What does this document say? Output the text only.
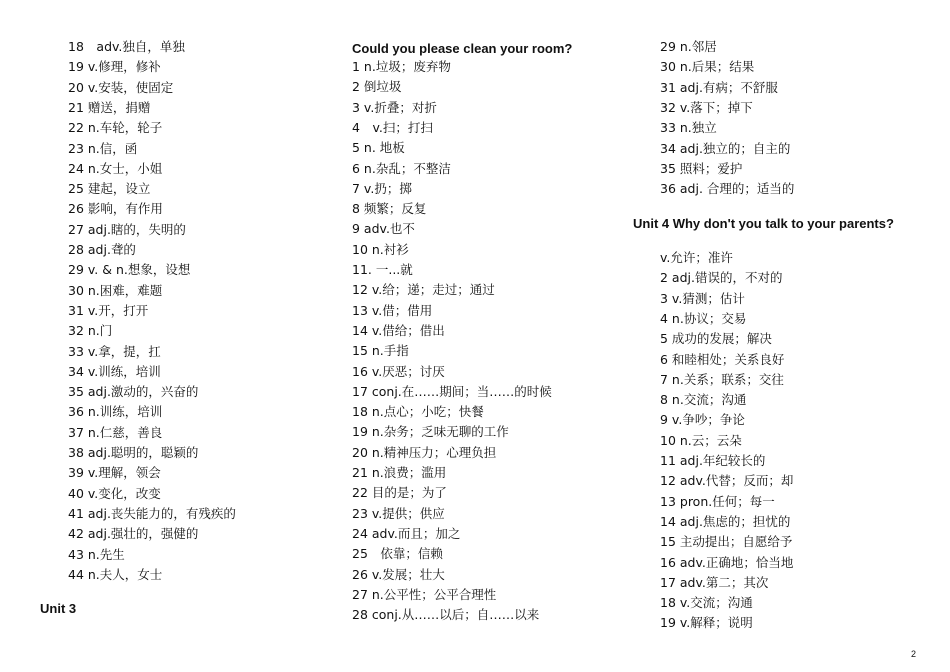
18　adv.独自，单独
19 v.修理，修补
20 v.安装，使固定
21 赠送，捐赠
22 n.车轮，轮子
23 n.信，函
24 n.女士，小姐
25 建起，设立
26 影响，有作用
27 adj.瞎的，失明的
28 adj.聋的
29 v. & n.想象，设想
30 n.困难，难题
31 v.开，打开
32 n.门
33 v.拿，提，扛
34 v.训练，培训
35 adj.激动的，兴奋的
36 n.训练，培训
37 n.仁慈，善良
38 adj.聪明的，聪颖的
39 v.理解，领会
40 v.变化，改变
41 adj.丧失能力的，有残疾的
42 adj.强壮的，强健的
43 n.先生
44 n.夫人，女士
Unit 3
Could you please clean your room?
1 n.垃圾；废弃物
2 倒垃圾
3 v.折叠；对折
4　v.扫；打扫
5 n. 地板
6 n.杂乱；不整洁
7 v.扔；掷
8 频繁；反复
9 adv.也不
10 n.衬衫
11. 一...就
12 v.给；递；走过；通过
13 v.借；借用
14 v.借给；借出
15 n.手指
16 v.厌恶；讨厌
17 conj.在……期间；当……的时候
18 n.点心；小吃；快餐
19 n.杂务；乏味无聊的工作
20 n.精神压力；心理负担
21 n.浪费；滥用
22 目的是；为了
23 v.提供；供应
24 adv.而且；加之
25　依靠；信赖
26 v.发展；壮大
27 n.公平性；公平合理性
28 conj.从……以后；自……以来
29 n.邻居
30 n.后果；结果
31 adj.有病；不舒服
32 v.落下；掉下
33 n.独立
34 adj.独立的；自主的
35 照料；爱护
36 adj. 合理的；适当的
Unit 4 Why don't you talk to your parents?
v.允许；准许
2 adj.错误的，不对的
3 v.猜测；估计
4 n.协议；交易
5 成功的发展；解决
6 和睦相处；关系良好
7 n.关系；联系；交往
8 n.交流；沟通
9 v.争吵；争论
10 n.云；云朵
11 adj.年纪较长的
12 adv.代替；反而；却
13 pron.任何；每一
14 adj.焦虑的；担忧的
15 主动提出；自愿给予
16 adv.正确地；恰当地
17 adv.第二；其次
18 v.交流；沟通
19 v.解释；说明
2
